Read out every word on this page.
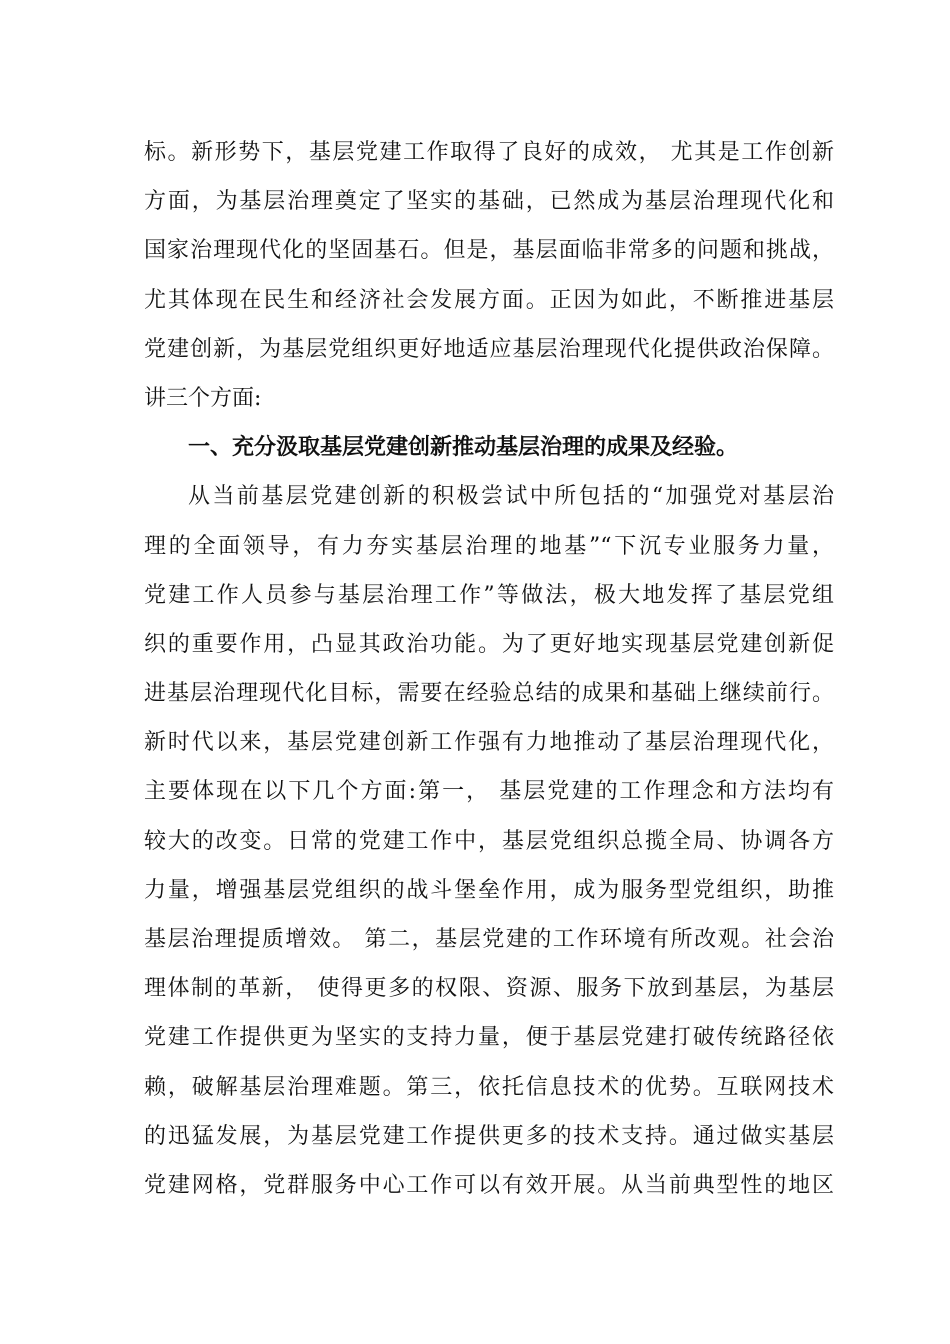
标。新形势下，基层党建工作取得了良好的成效， 尤其是工作创新
方面，为基层治理奠定了坚实的基础，已然成为基层治理现代化和
国家治理现代化的坚固基石。但是，基层面临非常多的问题和挑战，
尤其体现在民生和经济社会发展方面。正因为如此，不断推进基层
党建创新，为基层党组织更好地适应基层治理现代化提供政治保障。
讲三个方面:
一、充分汲取基层党建创新推动基层治理的成果及经验。
从当前基层党建创新的积极尝试中所包括的“加强党对基层治
理的全面领导，有力夯实基层治理的地基”“下沉专业服务力量，
党建工作人员参与基层治理工作”等做法，极大地发挥了基层党组
织的重要作用，凸显其政治功能。为了更好地实现基层党建创新促
进基层治理现代化目标，需要在经验总结的成果和基础上继续前行。
新时代以来，基层党建创新工作强有力地推动了基层治理现代化，
主要体现在以下几个方面:第一， 基层党建的工作理念和方法均有
较大的改变。日常的党建工作中，基层党组织总揽全局、协调各方
力量，增强基层党组织的战斗堡垒作用，成为服务型党组织，助推
基层治理提质增效。 第二，基层党建的工作环境有所改观。社会治
理体制的革新， 使得更多的权限、资源、服务下放到基层，为基层
党建工作提供更为坚实的支持力量，便于基层党建打破传统路径依
赖，破解基层治理难题。第三，依托信息技术的优势。互联网技术
的迅猛发展，为基层党建工作提供更多的技术支持。通过做实基层
党建网格，党群服务中心工作可以有效开展。从当前典型性的地区
